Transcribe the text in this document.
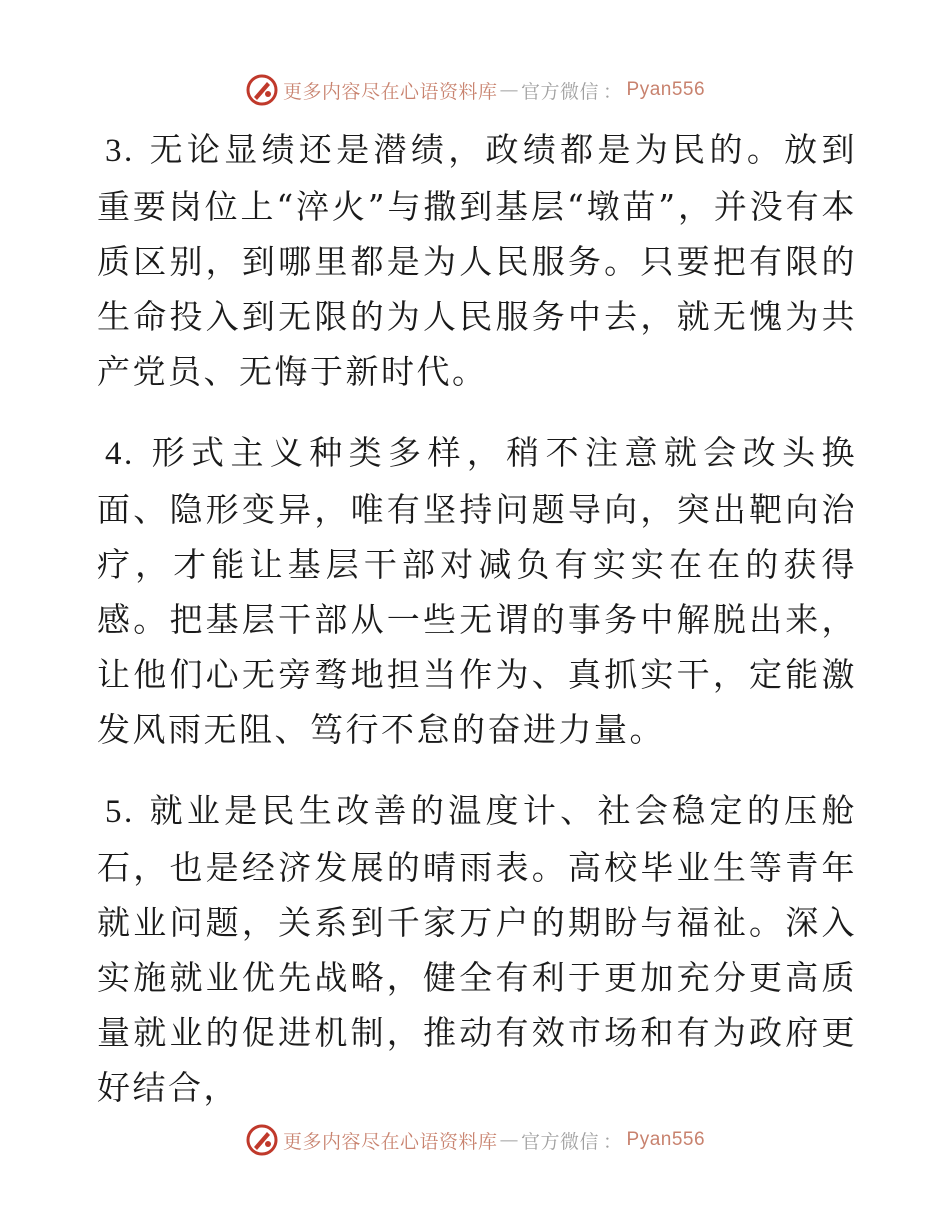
更多内容尽在心语资料库 — 官方微信 ： Pyan556

3. 无论显绩还是潜绩，政绩都是为民的。放到重要岗位上“淬火”与撒到基层“墩苗”，并没有本质区别，到哪里都是为人民服务。只要把有限的生命投入到无限的为人民服务中去，就无愧为共产党员、无悔于新时代。

4. 形式主义种类多样，稍不注意就会改头换面、隐形变异，唯有坚持问题导向，突出靶向治疗，才能让基层干部对减负有实实在在的获得感。把基层干部从一些无谓的事务中解脱出来，让他们心无旁骛地担当作为、真抓实干，定能激发风雨无阻、笃行不怠的奋进力量。

5. 就业是民生改善的温度计、社会稳定的压舱石，也是经济发展的晴雨表。高校毕业生等青年就业问题，关系到千家万户的期盼与福祉。深入实施就业优先战略，健全有利于更加充分更高质量就业的促进机制，推动有效市场和有为政府更好结合，

更多内容尽在心语资料库 — 官方微信 ： Pyan556
